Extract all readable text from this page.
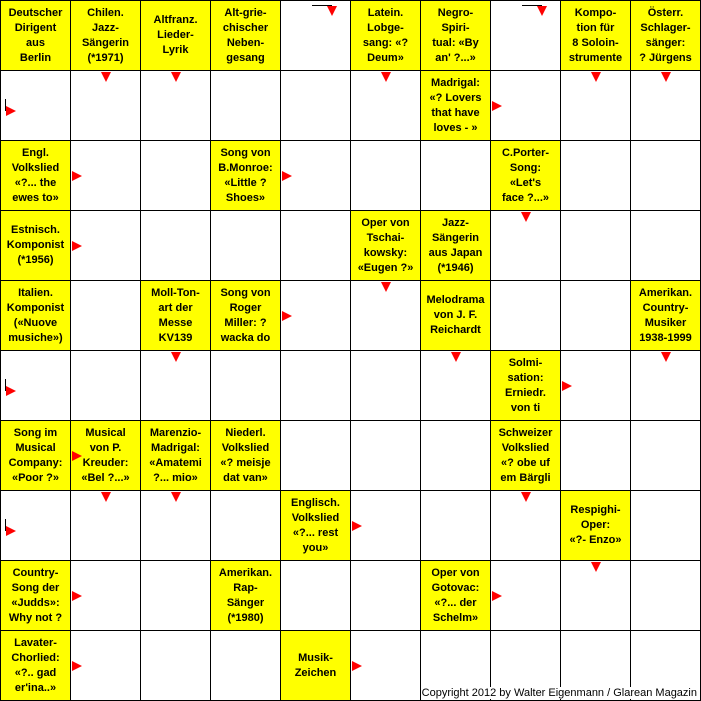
Deutscher
Dirigent
aus
Berlin
Chilen.
Jazz-
Sängerin
(*1971)
Altfranz.
Lieder-
Lyrik
Alt-grie-
chischer
Neben-
gesang
Latein.
Lobge-
sang: «?
Deum»
Negro-
Spiri-
tual: «By
an' ?...»
Kompo-
tion für
8 Soloin-
strumente
Österr.
Schlager-
sänger:
? Jürgens
Madrigal:
«? Lovers
that have
loves - »
Engl.
Volkslied
«?... the
ewes to»
Song von
B.Monroe:
«Little ?
Shoes»
C.Porter-
Song:
«Let's
face ?...»
Estnisch.
Komponist
(*1956)
Oper von
Tschai-
kowsky:
«Eugen ?»
Jazz-
Sängerin
aus Japan
(*1946)
Italien.
Komponist
(«Nuove
musiche»)
Moll-Ton-
art der
Messe
KV139
Song von
Roger
Miller: ?
wacka do
Melodrama
von J. F.
Reichardt
Amerikan.
Country-
Musiker
1938-1999
Solmi-
sation:
Erniedr.
von ti
Song im
Musical
Company:
«Poor ?»
Musical
von P.
Kreuder:
«Bel ?...»
Marenzio-
Madrigal:
«Amatemi
?... mio»
Niederl.
Volkslied
«? meisje
dat van»
Schweizer
Volkslied
«? obe uf
em Bärgli
Englisch.
Volkslied
«?... rest
you»
Respighi-
Oper:
«?- Enzo»
Country-
Song der
«Judds»:
Why not ?
Amerikan.
Rap-
Sänger
(*1980)
Oper von
Gotovac:
«?... der
Schelm»
Lavater-
Chorlied:
«?.. gad
er'ina..»
Musik-
Zeichen
Copyright 2012 by Walter Eigenmann / Glarean Magazin
